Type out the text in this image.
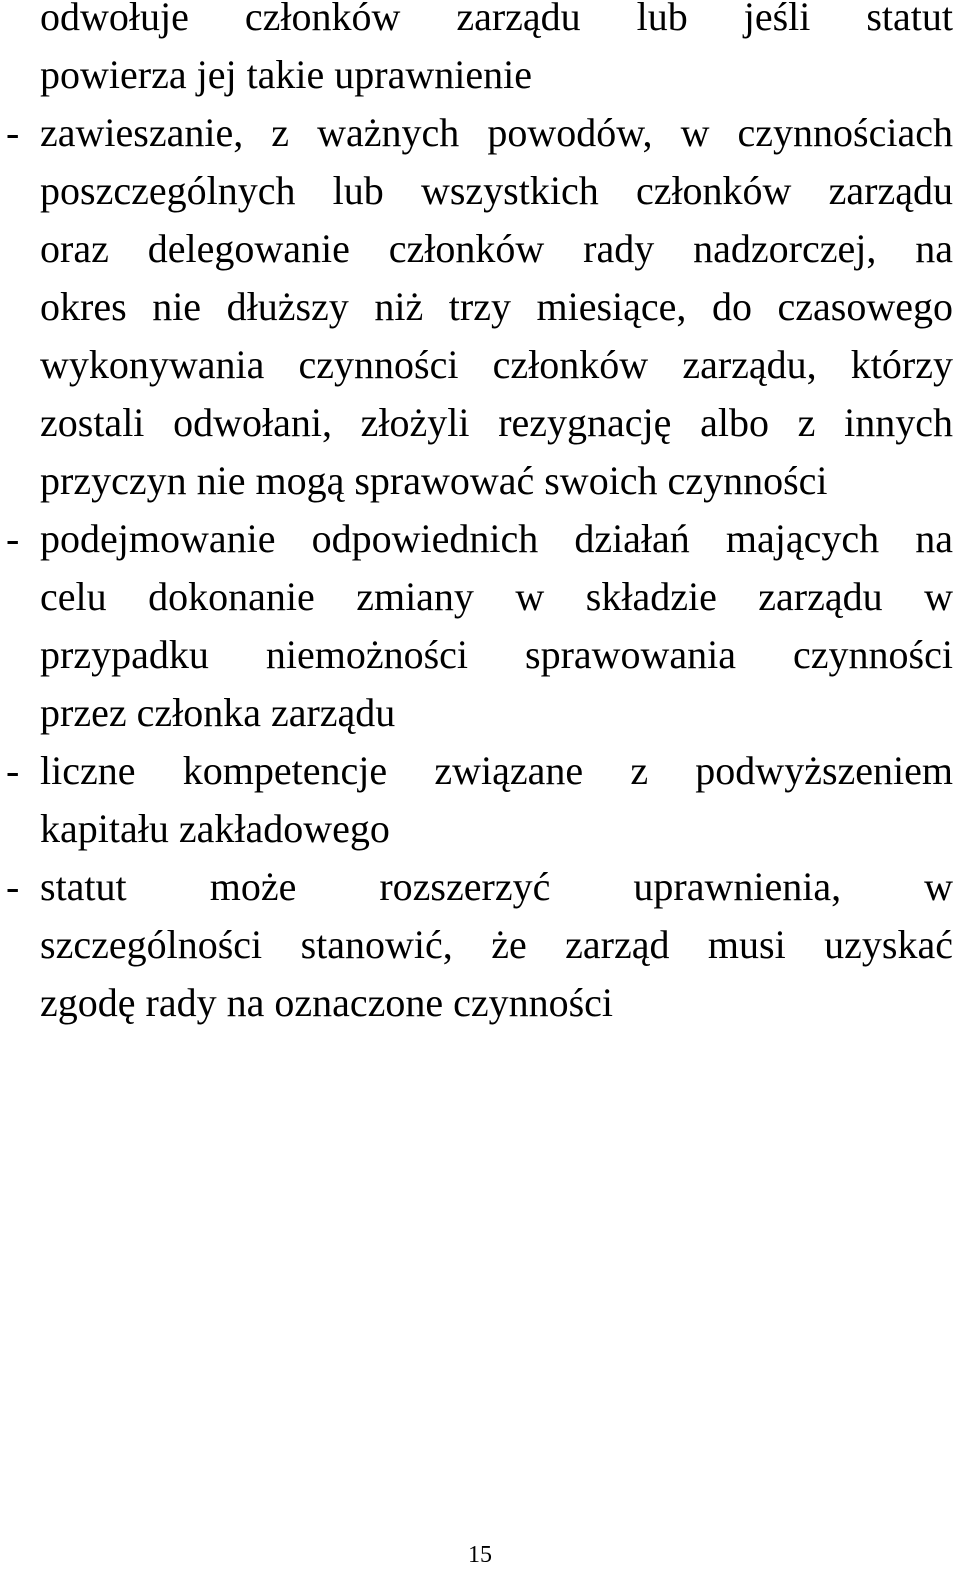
odwołuje członków zarządu lub jeśli statut
powierza jej takie uprawnienie
- zawieszanie, z ważnych powodów, w czynnościach
poszczególnych lub wszystkich członków zarządu
oraz delegowanie członków rady nadzorczej, na
okres nie dłuższy niż trzy miesiące, do czasowego
wykonywania czynności członków zarządu, którzy
zostali odwołani, złożyli rezygnację albo z innych
przyczyn nie mogą sprawować swoich czynności
- podejmowanie odpowiednich działań mających na
celu dokonanie zmiany w składzie zarządu w
przypadku niemożności sprawowania czynności
przez członka zarządu
- liczne kompetencje związane z podwyższeniem
kapitału zakładowego
- statut może rozszerzyć uprawnienia, w
szczególności stanowić, że zarząd musi uzyskać
zgodę rady na oznaczone czynności
15
